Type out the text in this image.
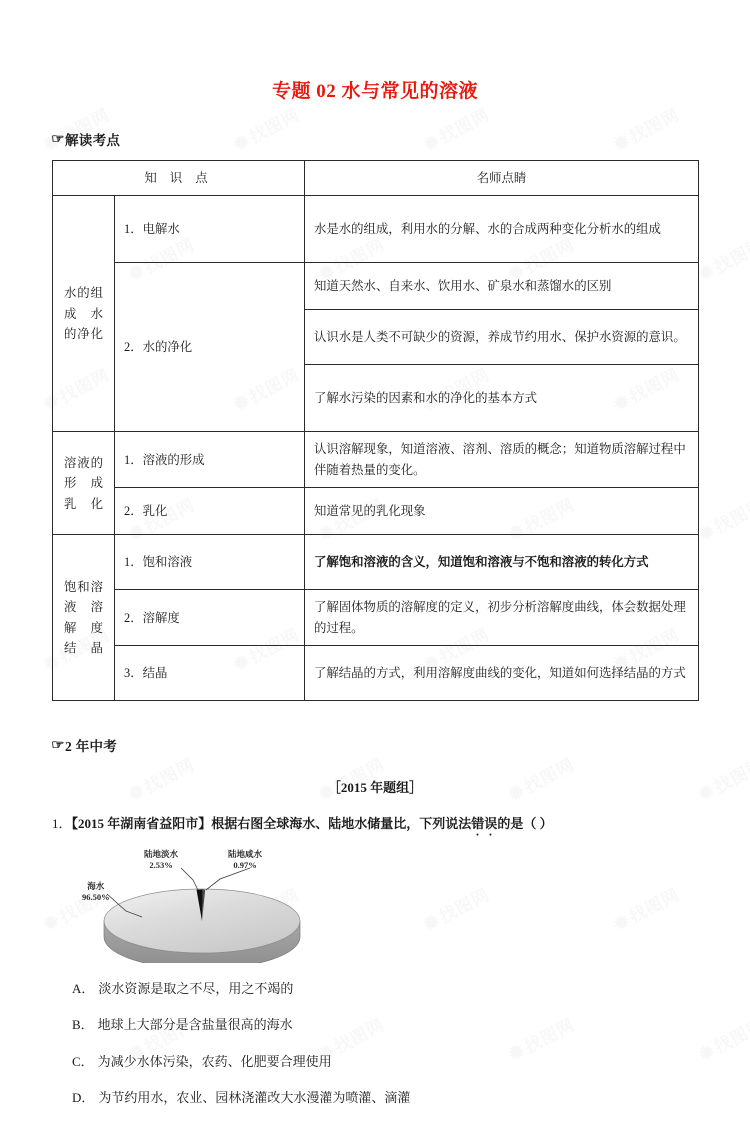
专题 02 水与常见的溶液
☞ 解读考点
知 识 点		名师点睛

水的组
成 水
的净化	1．电解水	水是水的组成，利用水的分解、水的合成两种变化分析水的组成
	2．水的净化	知道天然水、自来水、饮用水、矿泉水和蒸馏水的区别
		认识水是人类不可缺少的资源，养成节约用水、保护水资源的意识。
		了解水污染的因素和水的净化的基本方式

溶液的
形成
乳化	1．溶液的形成	认识溶解现象，知道溶液、溶剂、溶质的概念；知道物质溶解过程中伴随着热量的变化。
	2．乳化	知道常见的乳化现象

饱和溶
液 溶
解度
结晶	1．饱和溶液	了解饱和溶液的含义，知道饱和溶液与不饱和溶液的转化方式
	2．溶解度	了解固体物质的溶解度的定义，初步分析溶解度曲线，体会数据处理的过程。
	3．结晶	了解结晶的方式，利用溶解度曲线的变化，知道如何选择结晶的方式
☞ 2 年中考
［2015 年题组］
1．【2015 年湖南省益阳市】根据右图全球海水、陆地水储量比，下列说法错误的是（ ）
陆地淡水
2.53%
陆地咸水
0.97%
海水
96.50%
A． 淡水资源是取之不尽，用之不竭的
B． 地球上大部分是含盐量很高的海水
C． 为减少水体污染，农药、化肥要合理使用
D． 为节约用水，农业、园林浇灌改大水漫灌为喷灌、滴灌
